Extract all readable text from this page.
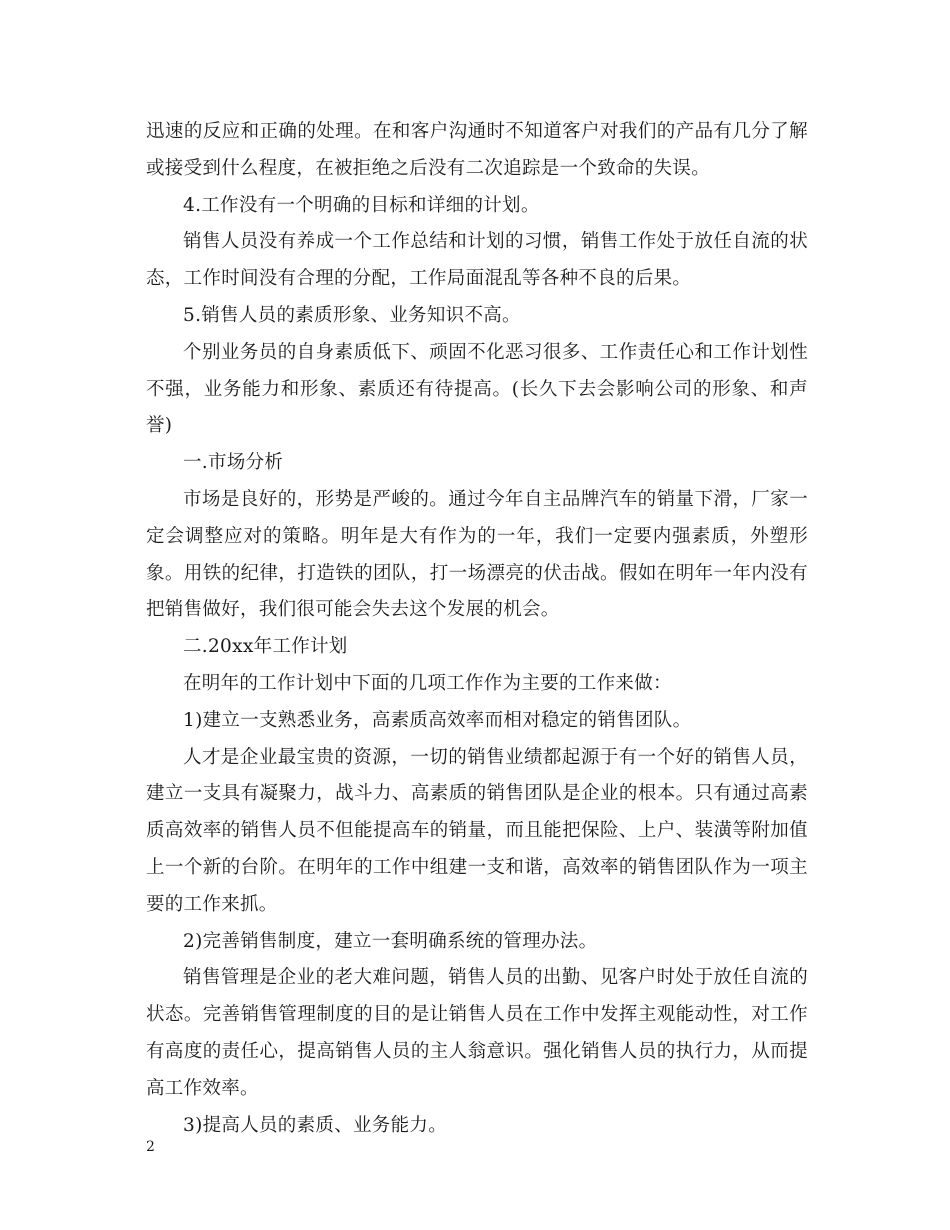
迅速的反应和正确的处理。在和客户沟通时不知道客户对我们的产品有几分了解或接受到什么程度，在被拒绝之后没有二次追踪是一个致命的失误。

4.工作没有一个明确的目标和详细的计划。

销售人员没有养成一个工作总结和计划的习惯，销售工作处于放任自流的状态，工作时间没有合理的分配，工作局面混乱等各种不良的后果。

5.销售人员的素质形象、业务知识不高。

个别业务员的自身素质低下、顽固不化恶习很多、工作责任心和工作计划性不强，业务能力和形象、素质还有待提高。(长久下去会影响公司的形象、和声誉)

一.市场分析

市场是良好的，形势是严峻的。通过今年自主品牌汽车的销量下滑，厂家一定会调整应对的策略。明年是大有作为的一年，我们一定要内强素质，外塑形象。用铁的纪律，打造铁的团队，打一场漂亮的伏击战。假如在明年一年内没有把销售做好，我们很可能会失去这个发展的机会。

二.20xx年工作计划

在明年的工作计划中下面的几项工作作为主要的工作来做：

1)建立一支熟悉业务，高素质高效率而相对稳定的销售团队。

人才是企业最宝贵的资源，一切的销售业绩都起源于有一个好的销售人员，建立一支具有凝聚力，战斗力、高素质的销售团队是企业的根本。只有通过高素质高效率的销售人员不但能提高车的销量，而且能把保险、上户、装潢等附加值上一个新的台阶。在明年的工作中组建一支和谐，高效率的销售团队作为一项主要的工作来抓。

2)完善销售制度，建立一套明确系统的管理办法。

销售管理是企业的老大难问题，销售人员的出勤、见客户时处于放任自流的状态。完善销售管理制度的目的是让销售人员在工作中发挥主观能动性，对工作有高度的责任心，提高销售人员的主人翁意识。强化销售人员的执行力，从而提高工作效率。

3)提高人员的素质、业务能力。

2
